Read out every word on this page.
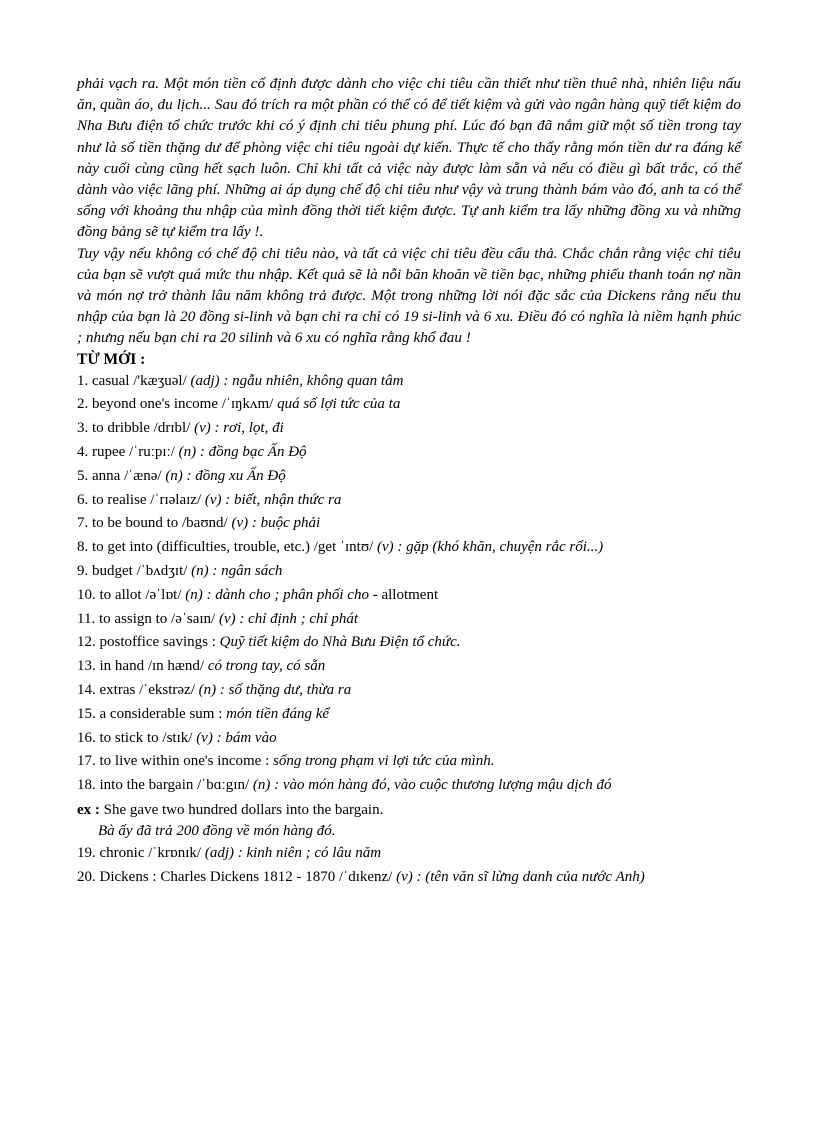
phải vạch ra. Một món tiền cố định được dành cho việc chi tiêu cần thiết như tiền thuê nhà, nhiên liệu nấu ăn, quần áo, du lịch... Sau đó trích ra một phần có thể có để tiết kiệm và gửi vào ngân hàng quỹ tiết kiệm do Nha Bưu điện tổ chức trước khi có ý định chi tiêu phung phí. Lúc đó bạn đã nắm giữ một số tiền trong tay như là số tiền thặng dư để phòng việc chi tiêu ngoài dự kiến. Thực tế cho thấy rằng món tiền dư ra đáng kể này cuối cùng cũng hết sạch luôn. Chỉ khi tất cả việc này được làm sẵn và nếu có điều gì bất trắc, có thể dành vào việc lãng phí. Những ai áp dụng chế độ chi tiêu như vậy và trung thành bám vào đó, anh ta có thể sống với khoảng thu nhập của mình đồng thời tiết kiệm được. Tự anh kiểm tra lấy những đồng xu và những đồng bảng sẽ tự kiểm tra lấy !.

Tuy vậy nếu không có chế độ chi tiêu nào, và tất cả việc chi tiêu đều cẩu thả. Chắc chắn rằng việc chi tiêu của bạn sẽ vượt quá mức thu nhập. Kết quả sẽ là nỗi băn khoăn về tiền bạc, những phiếu thanh toán nợ nần và món nợ trở thành lâu năm không trả được. Một trong những lời nói đặc sắc của Dickens rằng nếu thu nhập của bạn là 20 đồng si-linh và bạn chi ra chỉ có 19 si-linh và 6 xu. Điều đó có nghĩa là niềm hạnh phúc ; nhưng nếu bạn chi ra 20 silinh và 6 xu có nghĩa rằng khổ đau !

TỪ MỚI :

1. casual /'kæʒuəl/ (adj) : ngẫu nhiên, không quan tâm
2. beyond one's income /ˈɪŋkʌm/ quá số lợi tức của ta
3. to dribble /drɪbl/ (v) : rơi, lọt, đi
4. rupee /ˈruːpɪː/ (n) : đồng bạc Ấn Độ
5. anna /ˈænə/ (n) : đồng xu Ấn Độ
6. to realise /ˈrɪəlaɪz/ (v) : biết, nhận thức ra
7. to be bound to /baʊnd/ (v) : buộc phải
8. to get into (difficulties, trouble, etc.) /get ˈɪntʊ/ (v) : gặp (khó khăn, chuyện rắc rối...)
9. budget /ˈbʌdʒɪt/ (n) : ngân sách
10. to allot /əˈlɒt/ (n) : dành cho ; phân phối cho - allotment
11. to assign to /əˈsaɪn/ (v) : chỉ định ; chỉ phát
12. postoffice savings : Quỹ tiết kiệm do Nhà Bưu Điện tổ chức.
13. in hand /ɪn hænd/ có trong tay, có sẵn
14. extras /ˈekstrəz/ (n) : số thặng dư, thừa ra
15. a considerable sum : món tiền đáng kể
16. to stick to /stɪk/ (v) : bám vào
17. to live within one's income : sống trong phạm vi lợi tức của mình.
18. into the bargain /ˈbɑːgɪn/ (n) : vào món hàng đó, vào cuộc thương lượng mậu dịch đó
ex : She gave two hundred dollars into the bargain.
Bà ấy đã trả 200 đồng về món hàng đó.
19. chronic /ˈkrɒnɪk/ (adj) : kinh niên ; có lâu năm
20. Dickens : Charles Dickens 1812 - 1870 /ˈdɪkenz/ (v) : (tên văn sĩ lừng danh của nước Anh)
